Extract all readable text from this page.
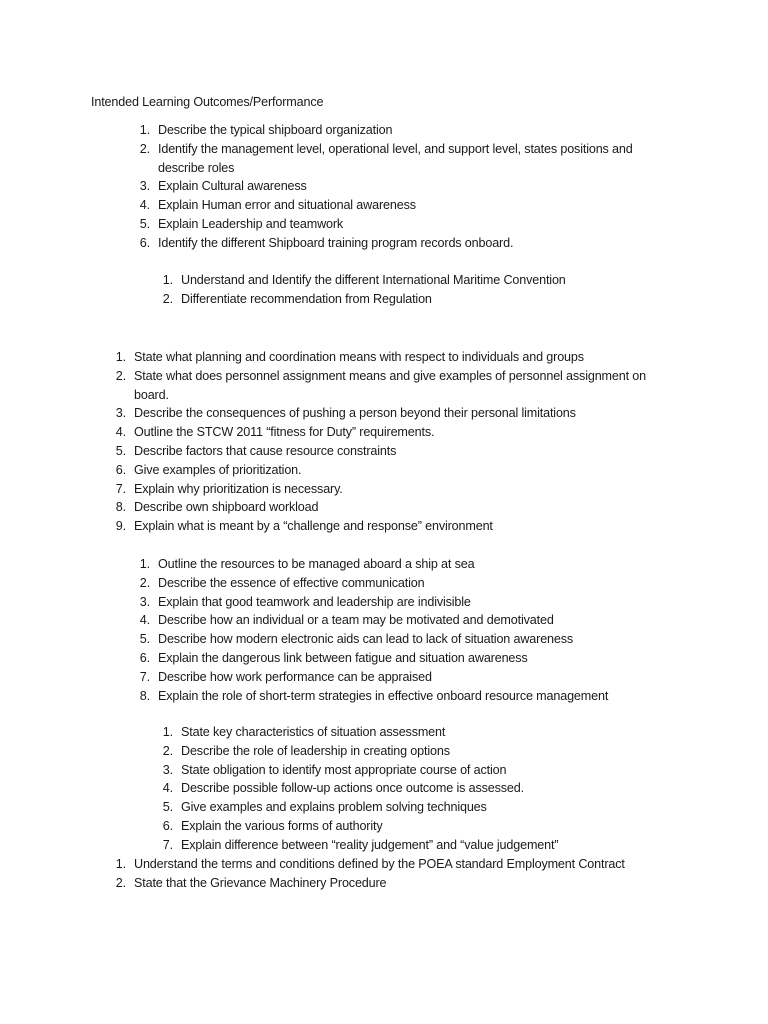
Intended Learning Outcomes/Performance
1. Describe the typical shipboard organization
2. Identify the management level, operational level, and support level, states positions and describe roles
3. Explain Cultural awareness
4. Explain Human error and situational awareness
5. Explain Leadership and teamwork
6. Identify the different Shipboard training program records onboard.
1. Understand and Identify the different International Maritime Convention
2. Differentiate recommendation from Regulation
1. State what planning and coordination means with respect to individuals and groups
2. State what does personnel assignment means and give examples of personnel assignment on board.
3. Describe the consequences of pushing a person beyond their personal limitations
4. Outline the STCW 2011 “fitness for Duty” requirements.
5. Describe factors that cause resource constraints
6. Give examples of prioritization.
7. Explain why prioritization is necessary.
8. Describe own shipboard workload
9. Explain what is meant by a “challenge and response” environment
1. Outline the resources to be managed aboard a ship at sea
2. Describe the essence of effective communication
3. Explain that good teamwork and leadership are indivisible
4. Describe how an individual or a team may be motivated and demotivated
5. Describe how modern electronic aids can lead to lack of situation awareness
6. Explain the dangerous link between fatigue and situation awareness
7. Describe how work performance can be appraised
8. Explain the role of short-term strategies in effective onboard resource management
1. State key characteristics of situation assessment
2. Describe the role of leadership in creating options
3. State obligation to identify most appropriate course of action
4. Describe possible follow-up actions once outcome is assessed.
5. Give examples and explains problem solving techniques
6. Explain the various forms of authority
7. Explain difference between “reality judgement” and “value judgement”
1. Understand the terms and conditions defined by the POEA standard Employment Contract
2. State that the Grievance Machinery Procedure
